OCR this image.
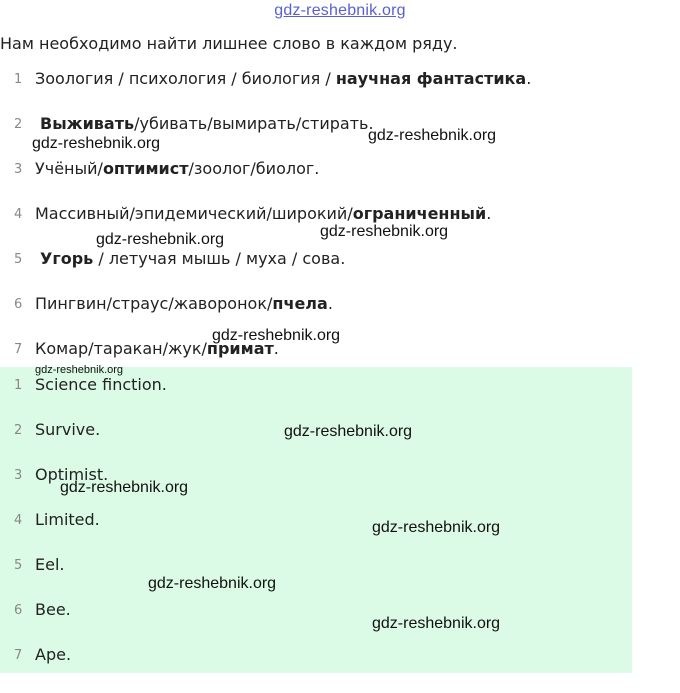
gdz-reshebnik.org
Нам необходимо найти лишнее слово в каждом ряду.
1 Зоология / психология / биология / научная фантастика.
2 Выживать/убивать/вымирать/стирать.
3 Учёный/оптимист/зоолог/биолог.
4 Массивный/эпидемический/широкий/ограниченный.
5 Угорь / летучая мышь / муха / сова.
6 Пингвин/страус/жаворонок/пчела.
7 Комар/таракан/жук/примат.
1 Science finction.
2 Survive.
3 Optimist.
4 Limited.
5 Eel.
6 Bee.
7 Ape.
gdz-reshebnik.org
gdz-reshebnik.org
gdz-reshebnik.org
gdz-reshebnik.org
gdz-reshebnik.org
gdz-reshebnik.org
gdz-reshebnik.org
gdz-reshebnik.org
gdz-reshebnik.org
gdz-reshebnik.org
gdz-reshebnik.org
